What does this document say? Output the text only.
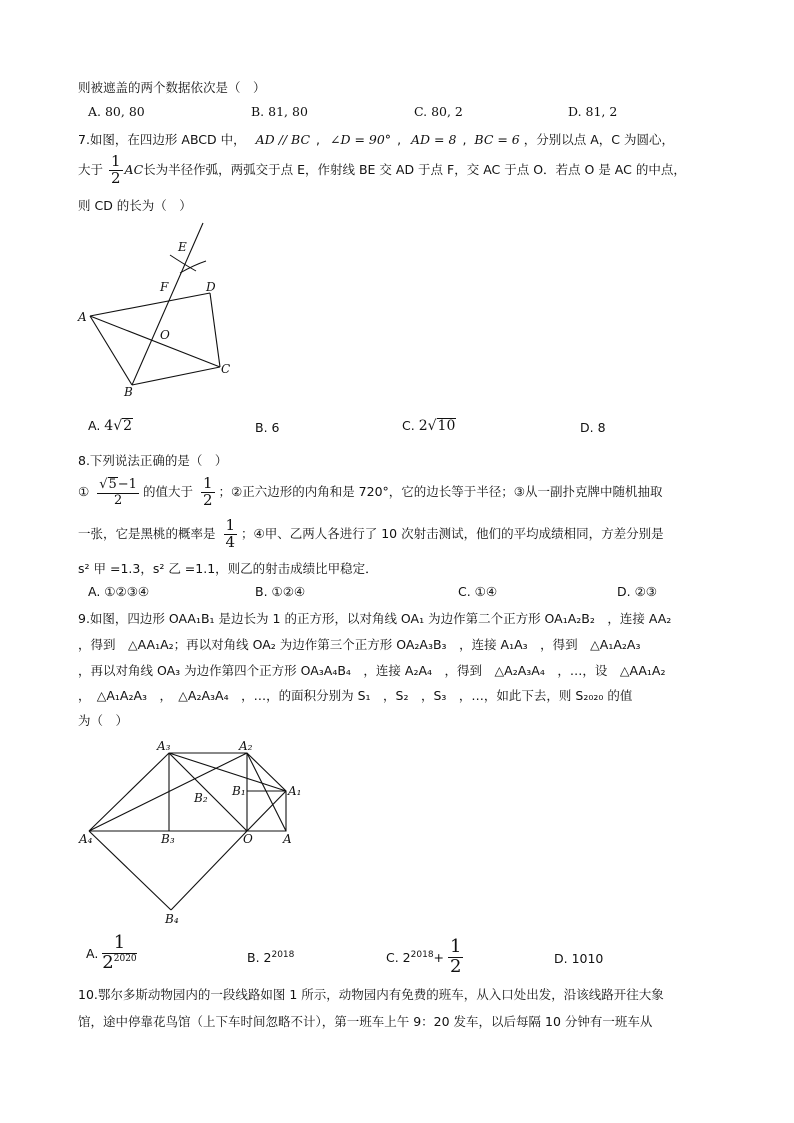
则被遮盖的两个数据依次是（　）
A. 80, 80	B. 81, 80	C. 80, 2	D. 81, 2
7.如图，在四边形 ABCD 中， AD // BC , ∠D = 90° , AD = 8 , BC = 6 ，分别以点 A，C 为圆心，
大于 $\frac{1}{2}$ AC长为半径作弧，两弧交于点 E，作射线 BE 交 AD 于点 F，交 AC 于点 O．若点 O 是 AC 的中点，
则 CD 的长为（　）
E
F	D
A
O
B
C
A. 4√2	B. 6	C. 2√10	D. 8
8.下列说法正确的是（　）
① $\frac{√5-1}{2}$ 的值大于 $\frac{1}{2}$ ；②正六边形的内角和是 720°，它的边长等于半径；③从一副扑克牌中随机抽取
一张，它是黑桃的概率是 $\frac{1}{4}$ ；④甲、乙两人各进行了 10 次射击测试，他们的平均成绩相同，方差分别是
s² 甲 =1.3，s² 乙 =1.1，则乙的射击成绩比甲稳定．
A. ①②③④	B. ①②④	C. ①④	D. ②③
9.如图，四边形 OAA₁B₁ 是边长为 1 的正方形，以对角线 OA₁ 为边作第二个正方形 OA₁A₂B₂　，连接 AA₂
，得到　△AA₁A₂；再以对角线 OA₂ 为边作第三个正方形 OA₂A₃B₃　，连接 A₁A₃　，得到　△A₁A₂A₃
，再以对角线 OA₃ 为边作第四个正方形 OA₃A₄B₄　，连接 A₂A₄　，得到　△A₂A₃A₄　，…，设　△AA₁A₂
，　△A₁A₂A₃　，　△A₂A₃A₄　，…，的面积分别为 S₁　，S₂　，S₃　，…，如此下去，则 S₂₀₂₀ 的值
为（　）
A₃	A₂
B₂ B₁	A₁
A₄	B₃	O	A
B₄
A. $\frac{1}{2^{2020}}$	B. $2^{2018}$	C. $2^{2018}+ \frac{1}{2}$	D. 1010
10.鄂尔多斯动物园内的一段线路如图 1 所示，动物园内有免费的班车，从入口处出发，沿该线路开往大象
馆，途中停靠花鸟馆（上下车时间忽略不计），第一班车上午 9：20 发车，以后每隔 10 分钟有一班车从
